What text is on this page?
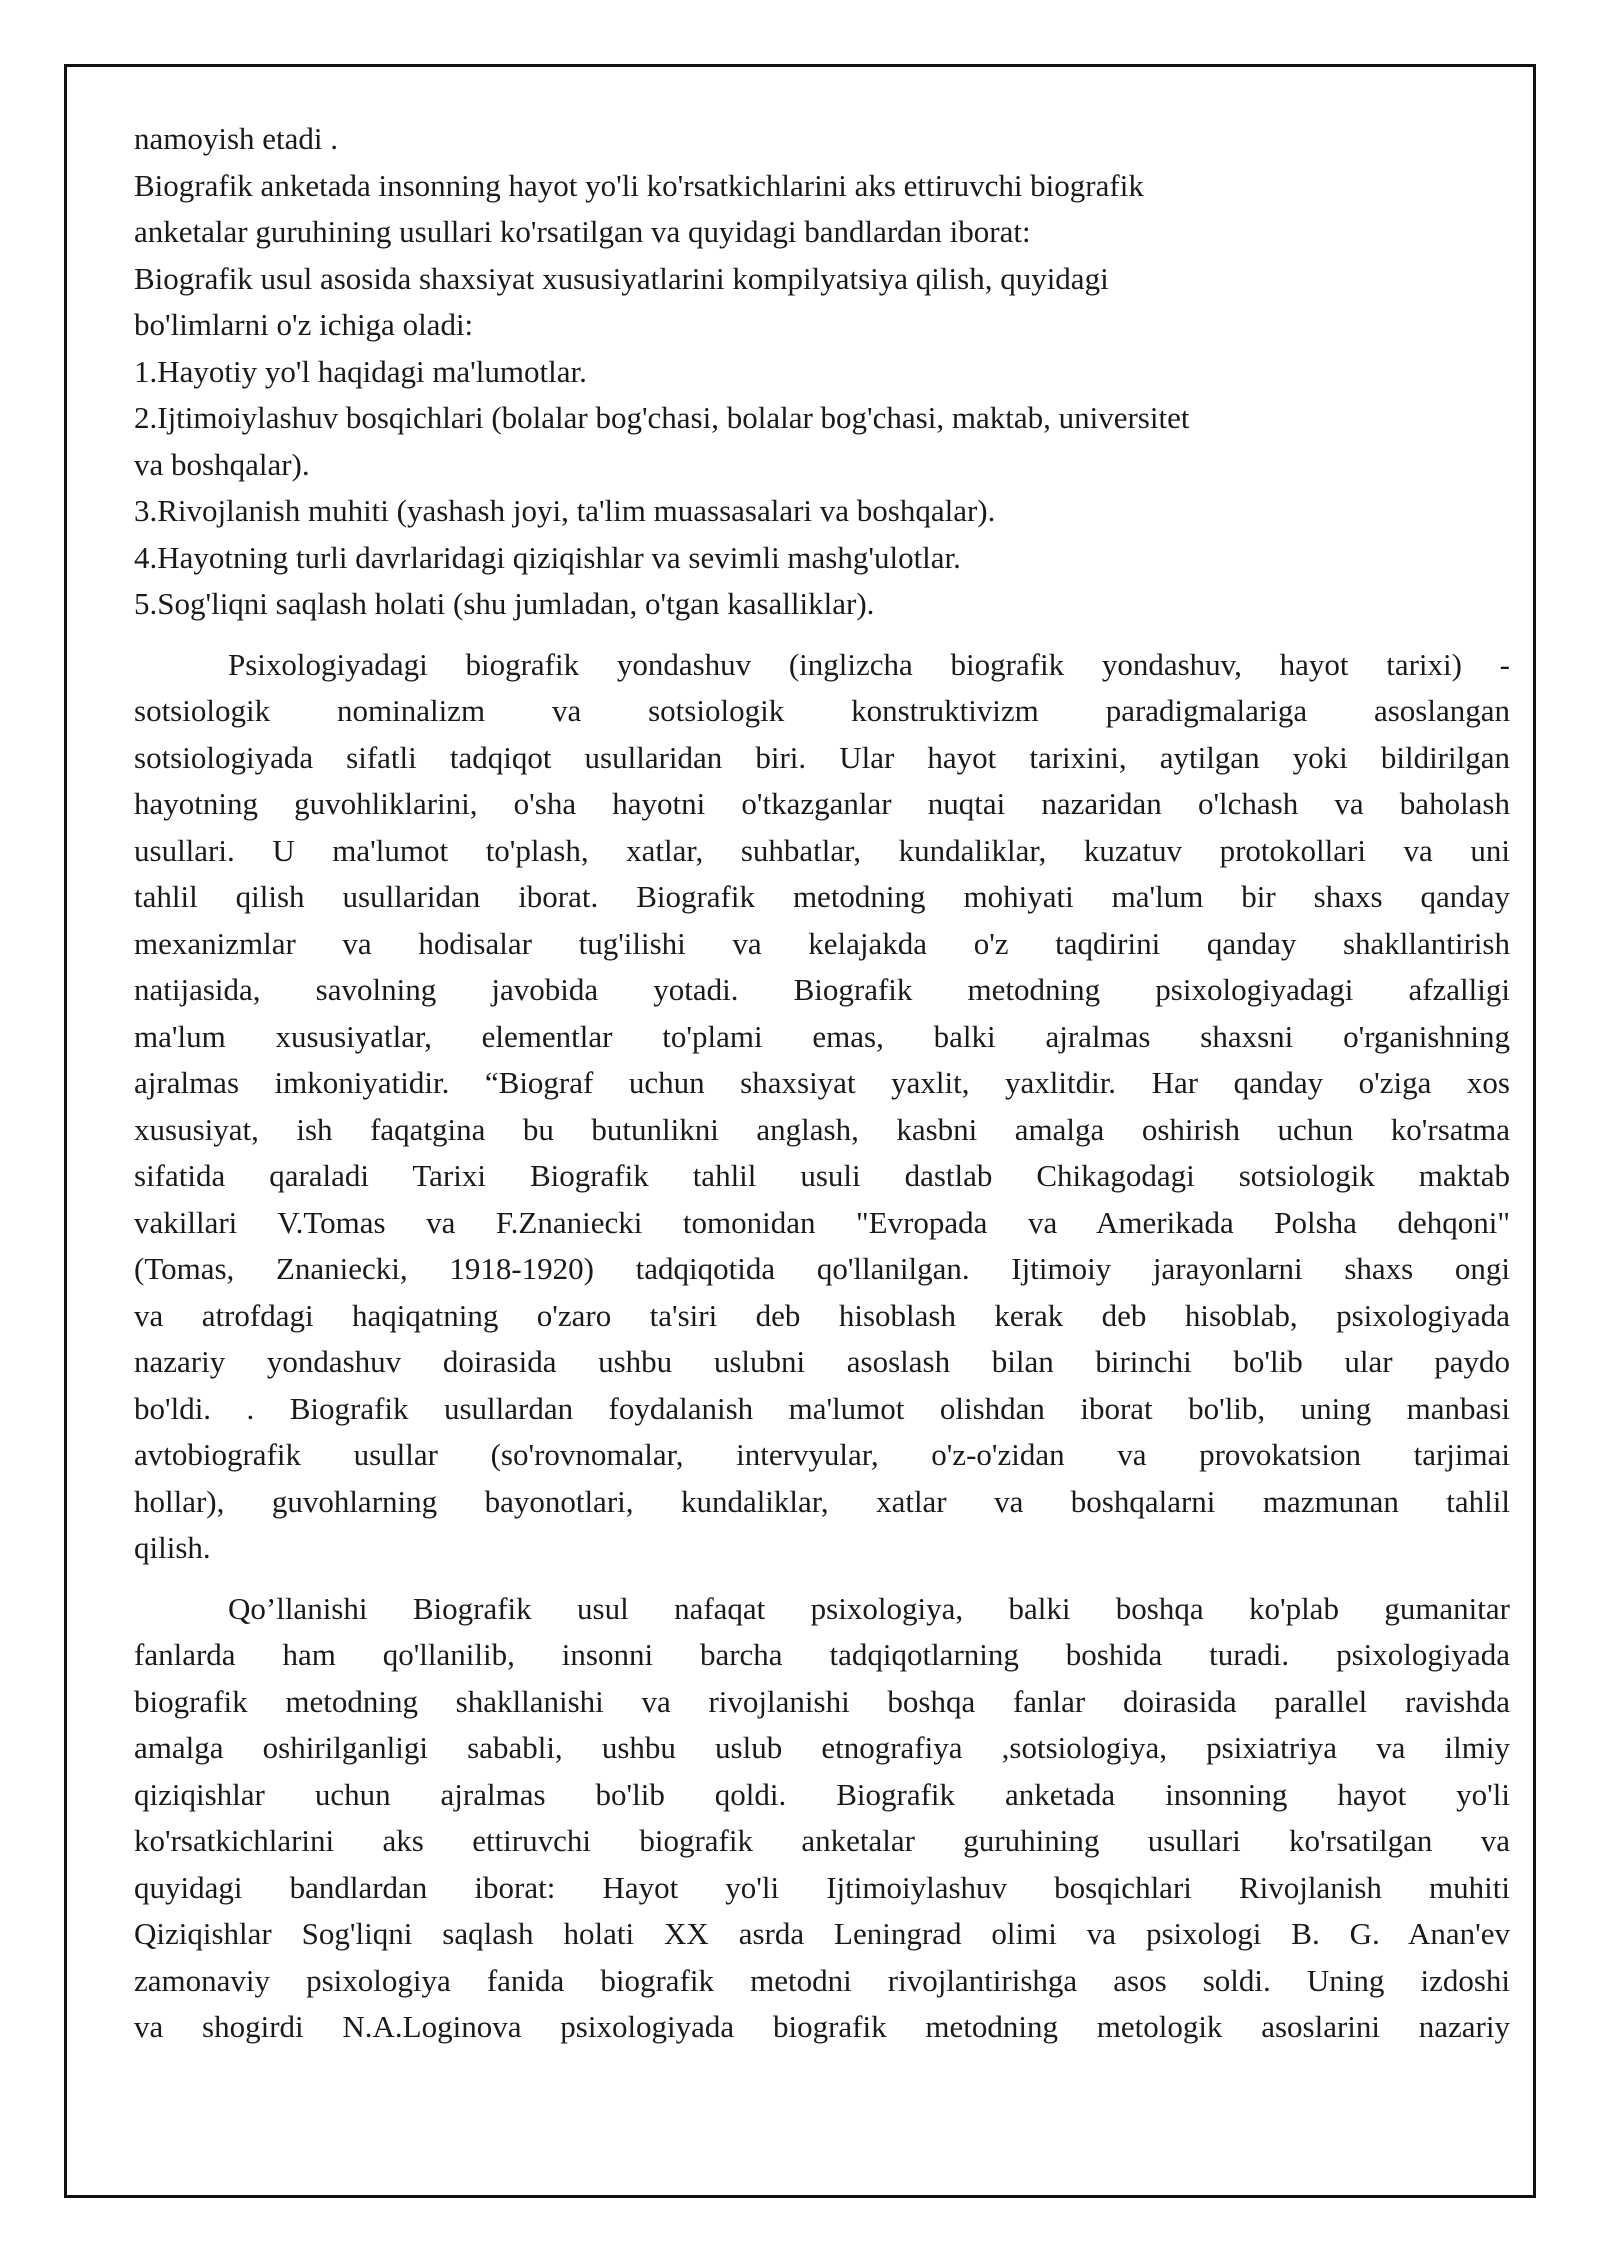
namoyish etadi .
Biografik anketada insonning hayot yo'li ko'rsatkichlarini aks ettiruvchi biografik
anketalar guruhining usullari ko'rsatilgan va quyidagi bandlardan iborat:
Biografik usul asosida shaxsiyat xususiyatlarini kompilyatsiya qilish, quyidagi
bo'limlarni o'z ichiga oladi:
1.Hayotiy yo'l haqidagi ma'lumotlar.
2.Ijtimoiylashuv bosqichlari (bolalar bog'chasi, bolalar bog'chasi, maktab, universitet
va boshqalar).
3.Rivojlanish muhiti (yashash joyi, ta'lim muassasalari va boshqalar).
4.Hayotning turli davrlaridagi qiziqishlar va sevimli mashg'ulotlar.
5.Sog'liqni saqlash holati (shu jumladan, o'tgan kasalliklar).
Psixologiyadagi biografik yondashuv (inglizcha biografik yondashuv, hayot tarixi) -
sotsiologik nominalizm va sotsiologik konstruktivizm paradigmalariga asoslangan
sotsiologiyada sifatli tadqiqot usullaridan biri. Ular hayot tarixini, aytilgan yoki bildirilgan
hayotning guvohliklarini, o'sha hayotni o'tkazganlar nuqtai nazaridan o'lchash va baholash
usullari. U ma'lumot to'plash, xatlar, suhbatlar, kundaliklar, kuzatuv protokollari va uni
tahlil qilish usullaridan iborat. Biografik metodning mohiyati ma'lum bir shaxs qanday
mexanizmlar va hodisalar tug'ilishi va kelajakda o'z taqdirini qanday shakllantirish
natijasida, savolning javobida yotadi. Biografik metodning psixologiyadagi afzalligi
ma'lum xususiyatlar, elementlar to'plami emas, balki ajralmas shaxsni o'rganishning
ajralmas imkoniyatidir. “Biograf uchun shaxsiyat yaxlit, yaxlitdir. Har qanday o'ziga xos
xususiyat, ish faqatgina bu butunlikni anglash, kasbni amalga oshirish uchun ko'rsatma
sifatida qaraladi Tarixi Biografik tahlil usuli dastlab Chikagodagi sotsiologik maktab
vakillari V.Tomas va F.Znaniecki tomonidan "Evropada va Amerikada Polsha dehqoni"
(Tomas, Znaniecki, 1918-1920) tadqiqotida qo'llanilgan. Ijtimoiy jarayonlarni shaxs ongi
va atrofdagi haqiqatning o'zaro ta'siri deb hisoblash kerak deb hisoblab, psixologiyada
nazariy yondashuv doirasida ushbu uslubni asoslash bilan birinchi bo'lib ular paydo
bo'ldi. . Biografik usullardan foydalanish ma'lumot olishdan iborat bo'lib, uning manbasi
avtobiografik usullar (so'rovnomalar, intervyular, o'z-o'zidan va provokatsion tarjimai
hollar), guvohlarning bayonotlari, kundaliklar, xatlar va boshqalarni mazmunan tahlil
qilish.
Qo’llanishi Biografik usul nafaqat psixologiya, balki boshqa ko'plab gumanitar
fanlarda ham qo'llanilib, insonni barcha tadqiqotlarning boshida turadi. psixologiyada
biografik metodning shakllanishi va rivojlanishi boshqa fanlar doirasida parallel ravishda
amalga oshirilganligi sababli, ushbu uslub etnografiya ,sotsiologiya, psixiatriya va ilmiy
qiziqishlar uchun ajralmas bo'lib qoldi. Biografik anketada insonning hayot yo'li
ko'rsatkichlarini aks ettiruvchi biografik anketalar guruhining usullari ko'rsatilgan va
quyidagi bandlardan iborat: Hayot yo'li Ijtimoiylashuv bosqichlari Rivojlanish muhiti
Qiziqishlar Sog'liqni saqlash holati XX asrda Leningrad olimi va psixologi B. G. Anan'ev
zamonaviy psixologiya fanida biografik metodni rivojlantirishga asos soldi. Uning izdoshi
va shogirdi N.A.Loginova psixologiyada biografik metodning metologik asoslarini nazariy
